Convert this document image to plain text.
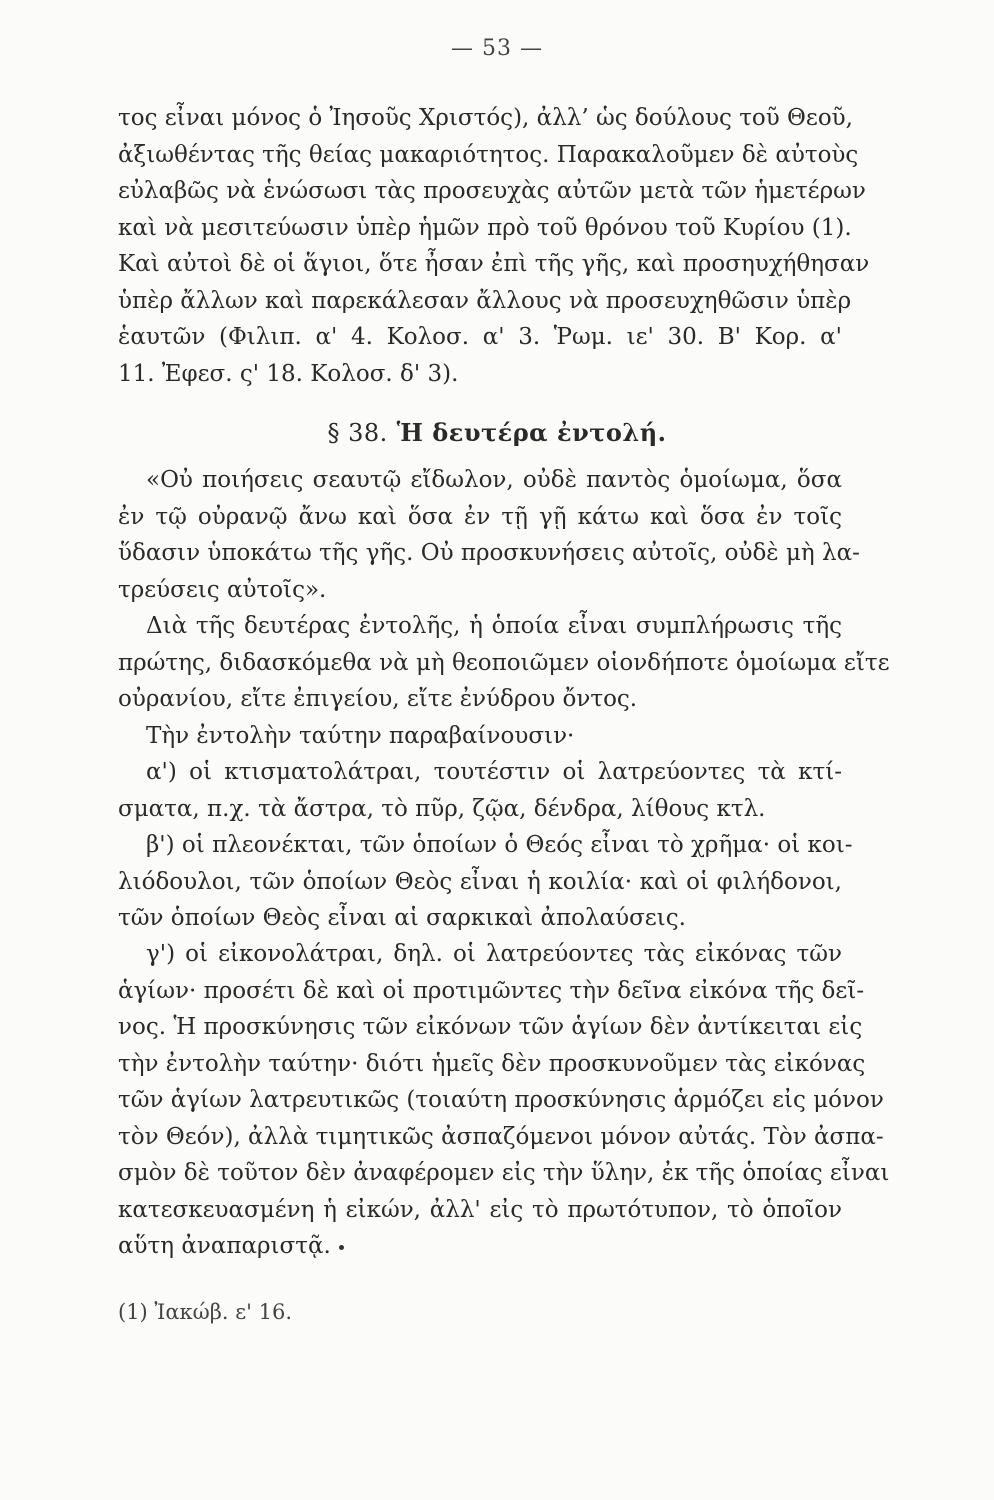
— 53 —
τος εἶναι μόνος ὁ Ἰησοῦς Χριστός), ἀλλ’ ὡς δούλους τοῦ Θεοῦ,
ἀξιωθέντας τῆς θείας μακαριότητος. Παρακαλοῦμεν δὲ αὐτοὺς
εὐλαβῶς νὰ ἑνώσωσι τὰς προσευχὰς αὐτῶν μετὰ τῶν ἡμετέρων
καὶ νὰ μεσιτεύωσιν ὑπὲρ ἡμῶν πρὸ τοῦ θρόνου τοῦ Κυρίου (1).
Καὶ αὐτοὶ δὲ οἱ ἅγιοι, ὅτε ἦσαν ἐπὶ τῆς γῆς, καὶ προσηυχήθησαν
ὑπὲρ ἄλλων καὶ παρεκάλεσαν ἄλλους νὰ προσευχηθῶσιν ὑπὲρ
ἑαυτῶν (Φιλιπ. α' 4. Κολοσ. α' 3. Ῥωμ. ιε' 30. Β' Κορ. α'
11. Ἐφεσ. ς' 18. Κολοσ. δ' 3).
§ 38. Ἡ δευτέρα ἐντολή.
«Οὐ ποιήσεις σεαυτῷ εἴδωλον, οὐδὲ παντὸς ὁμοίωμα, ὅσα
ἐν τῷ οὐρανῷ ἄνω καὶ ὅσα ἐν τῇ γῇ κάτω καὶ ὅσα ἐν τοῖς
ὕδασιν ὑποκάτω τῆς γῆς. Οὐ προσκυνήσεις αὐτοῖς, οὐδὲ μὴ λα-
τρεύσεις αὐτοῖς».
Διὰ τῆς δευτέρας ἐντολῆς, ἡ ὁποία εἶναι συμπλήρωσις τῆς
πρώτης, διδασκόμεθα νὰ μὴ θεοποιῶμεν οἱονδήποτε ὁμοίωμα εἴτε
οὐρανίου, εἴτε ἐπιγείου, εἴτε ἐνύδρου ὄντος.
Τὴν ἐντολὴν ταύτην παραβαίνουσιν·
α') οἱ κτισματολάτραι, τουτέστιν οἱ λατρεύοντες τὰ κτί-
σματα, π.χ. τὰ ἄστρα, τὸ πῦρ, ζῷα, δένδρα, λίθους κτλ.
β') οἱ πλεονέκται, τῶν ὁποίων ὁ Θεός εἶναι τὸ χρῆμα· οἱ κοι-
λιόδουλοι, τῶν ὁποίων Θεὸς εἶναι ἡ κοιλία· καὶ οἱ φιλήδονοι,
τῶν ὁποίων Θεὸς εἶναι αἱ σαρκικαὶ ἀπολαύσεις.
γ') οἱ εἰκονολάτραι, δηλ. οἱ λατρεύοντες τὰς εἰκόνας τῶν
ἁγίων· προσέτι δὲ καὶ οἱ προτιμῶντες τὴν δεῖνα εἰκόνα τῆς δεῖ-
νος. Ἡ προσκύνησις τῶν εἰκόνων τῶν ἁγίων δὲν ἀντίκειται εἰς
τὴν ἐντολὴν ταύτην· διότι ἡμεῖς δὲν προσκυνοῦμεν τὰς εἰκόνας
τῶν ἁγίων λατρευτικῶς (τοιαύτη προσκύνησις ἁρμόζει εἰς μόνον
τὸν Θεόν), ἀλλὰ τιμητικῶς ἀσπαζόμενοι μόνον αὐτάς. Τὸν ἀσπα-
σμὸν δὲ τοῦτον δὲν ἀναφέρομεν εἰς τὴν ὕλην, ἐκ τῆς ὁποίας εἶναι
κατεσκευασμένη ἡ εἰκών, ἀλλ' εἰς τὸ πρωτότυπον, τὸ ὁποῖον
αὕτη ἀναπαριστᾷ.
(1) Ἰακώβ. ε' 16.
